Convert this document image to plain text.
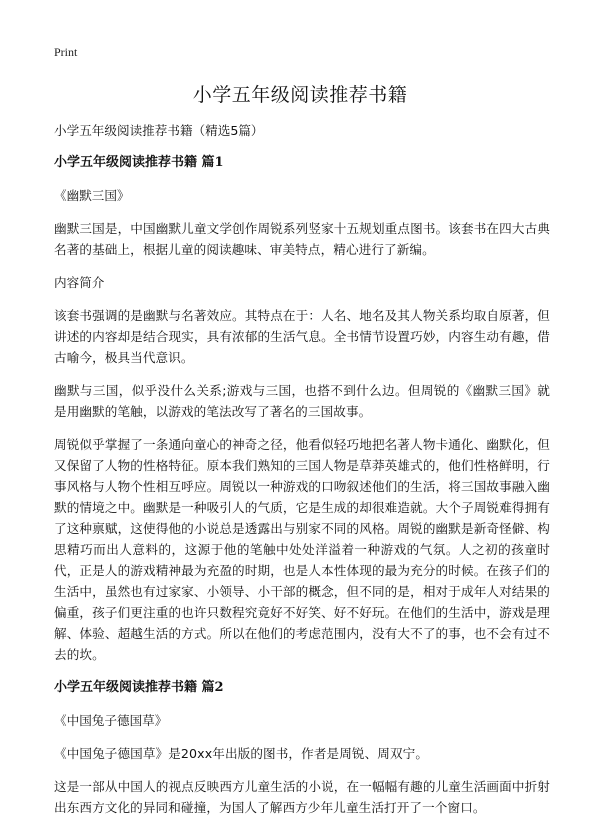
Print
小学五年级阅读推荐书籍

小学五年级阅读推荐书籍（精选5篇）

小学五年级阅读推荐书籍 篇1

《幽默三国》

幽默三国是，中国幽默儿童文学创作周锐系列竖家十五规划重点图书。该套书在四大古典名著的基础上，根据儿童的阅读趣味、审美特点，精心进行了新编。

内容简介

该套书强调的是幽默与名著效应。其特点在于：人名、地名及其人物关系均取自原著，但讲述的内容却是结合现实，具有浓郁的生活气息。全书情节设置巧妙，内容生动有趣，借古喻今，极具当代意识。

幽默与三国，似乎没什么关系;游戏与三国，也搭不到什么边。但周锐的《幽默三国》就是用幽默的笔触，以游戏的笔法改写了著名的三国故事。

周锐似乎掌握了一条通向童心的神奇之径，他看似轻巧地把名著人物卡通化、幽默化，但又保留了人物的性格特征。原本我们熟知的三国人物是草莽英雄式的，他们性格鲜明，行事风格与人物个性相互呼应。周锐以一种游戏的口吻叙述他们的生活，将三国故事融入幽默的情境之中。幽默是一种吸引人的气质，它是生成的却很难造就。大个子周锐难得拥有了这种禀赋，这使得他的小说总是透露出与别家不同的风格。周锐的幽默是新奇怪僻、构思精巧而出人意料的，这源于他的笔触中处处洋溢着一种游戏的气氛。人之初的孩童时代，正是人的游戏精神最为充盈的时期，也是人本性体现的最为充分的时候。在孩子们的生活中，虽然也有过家家、小领导、小干部的概念，但不同的是，相对于成年人对结果的偏重，孩子们更注重的也许只数程究竟好不好笑、好不好玩。在他们的生活中，游戏是理解、体验、超越生活的方式。所以在他们的考虑范围内，没有大不了的事，也不会有过不去的坎。

小学五年级阅读推荐书籍 篇2

《中国兔子德国草》

《中国兔子德国草》是20xx年出版的图书，作者是周锐、周双宁。

这是一部从中国人的视点反映西方儿童生活的小说，在一幅幅有趣的儿童生活画面中折射出东西方文化的异同和碰撞，为国人了解西方少年儿童生活打开了一个窗口。
